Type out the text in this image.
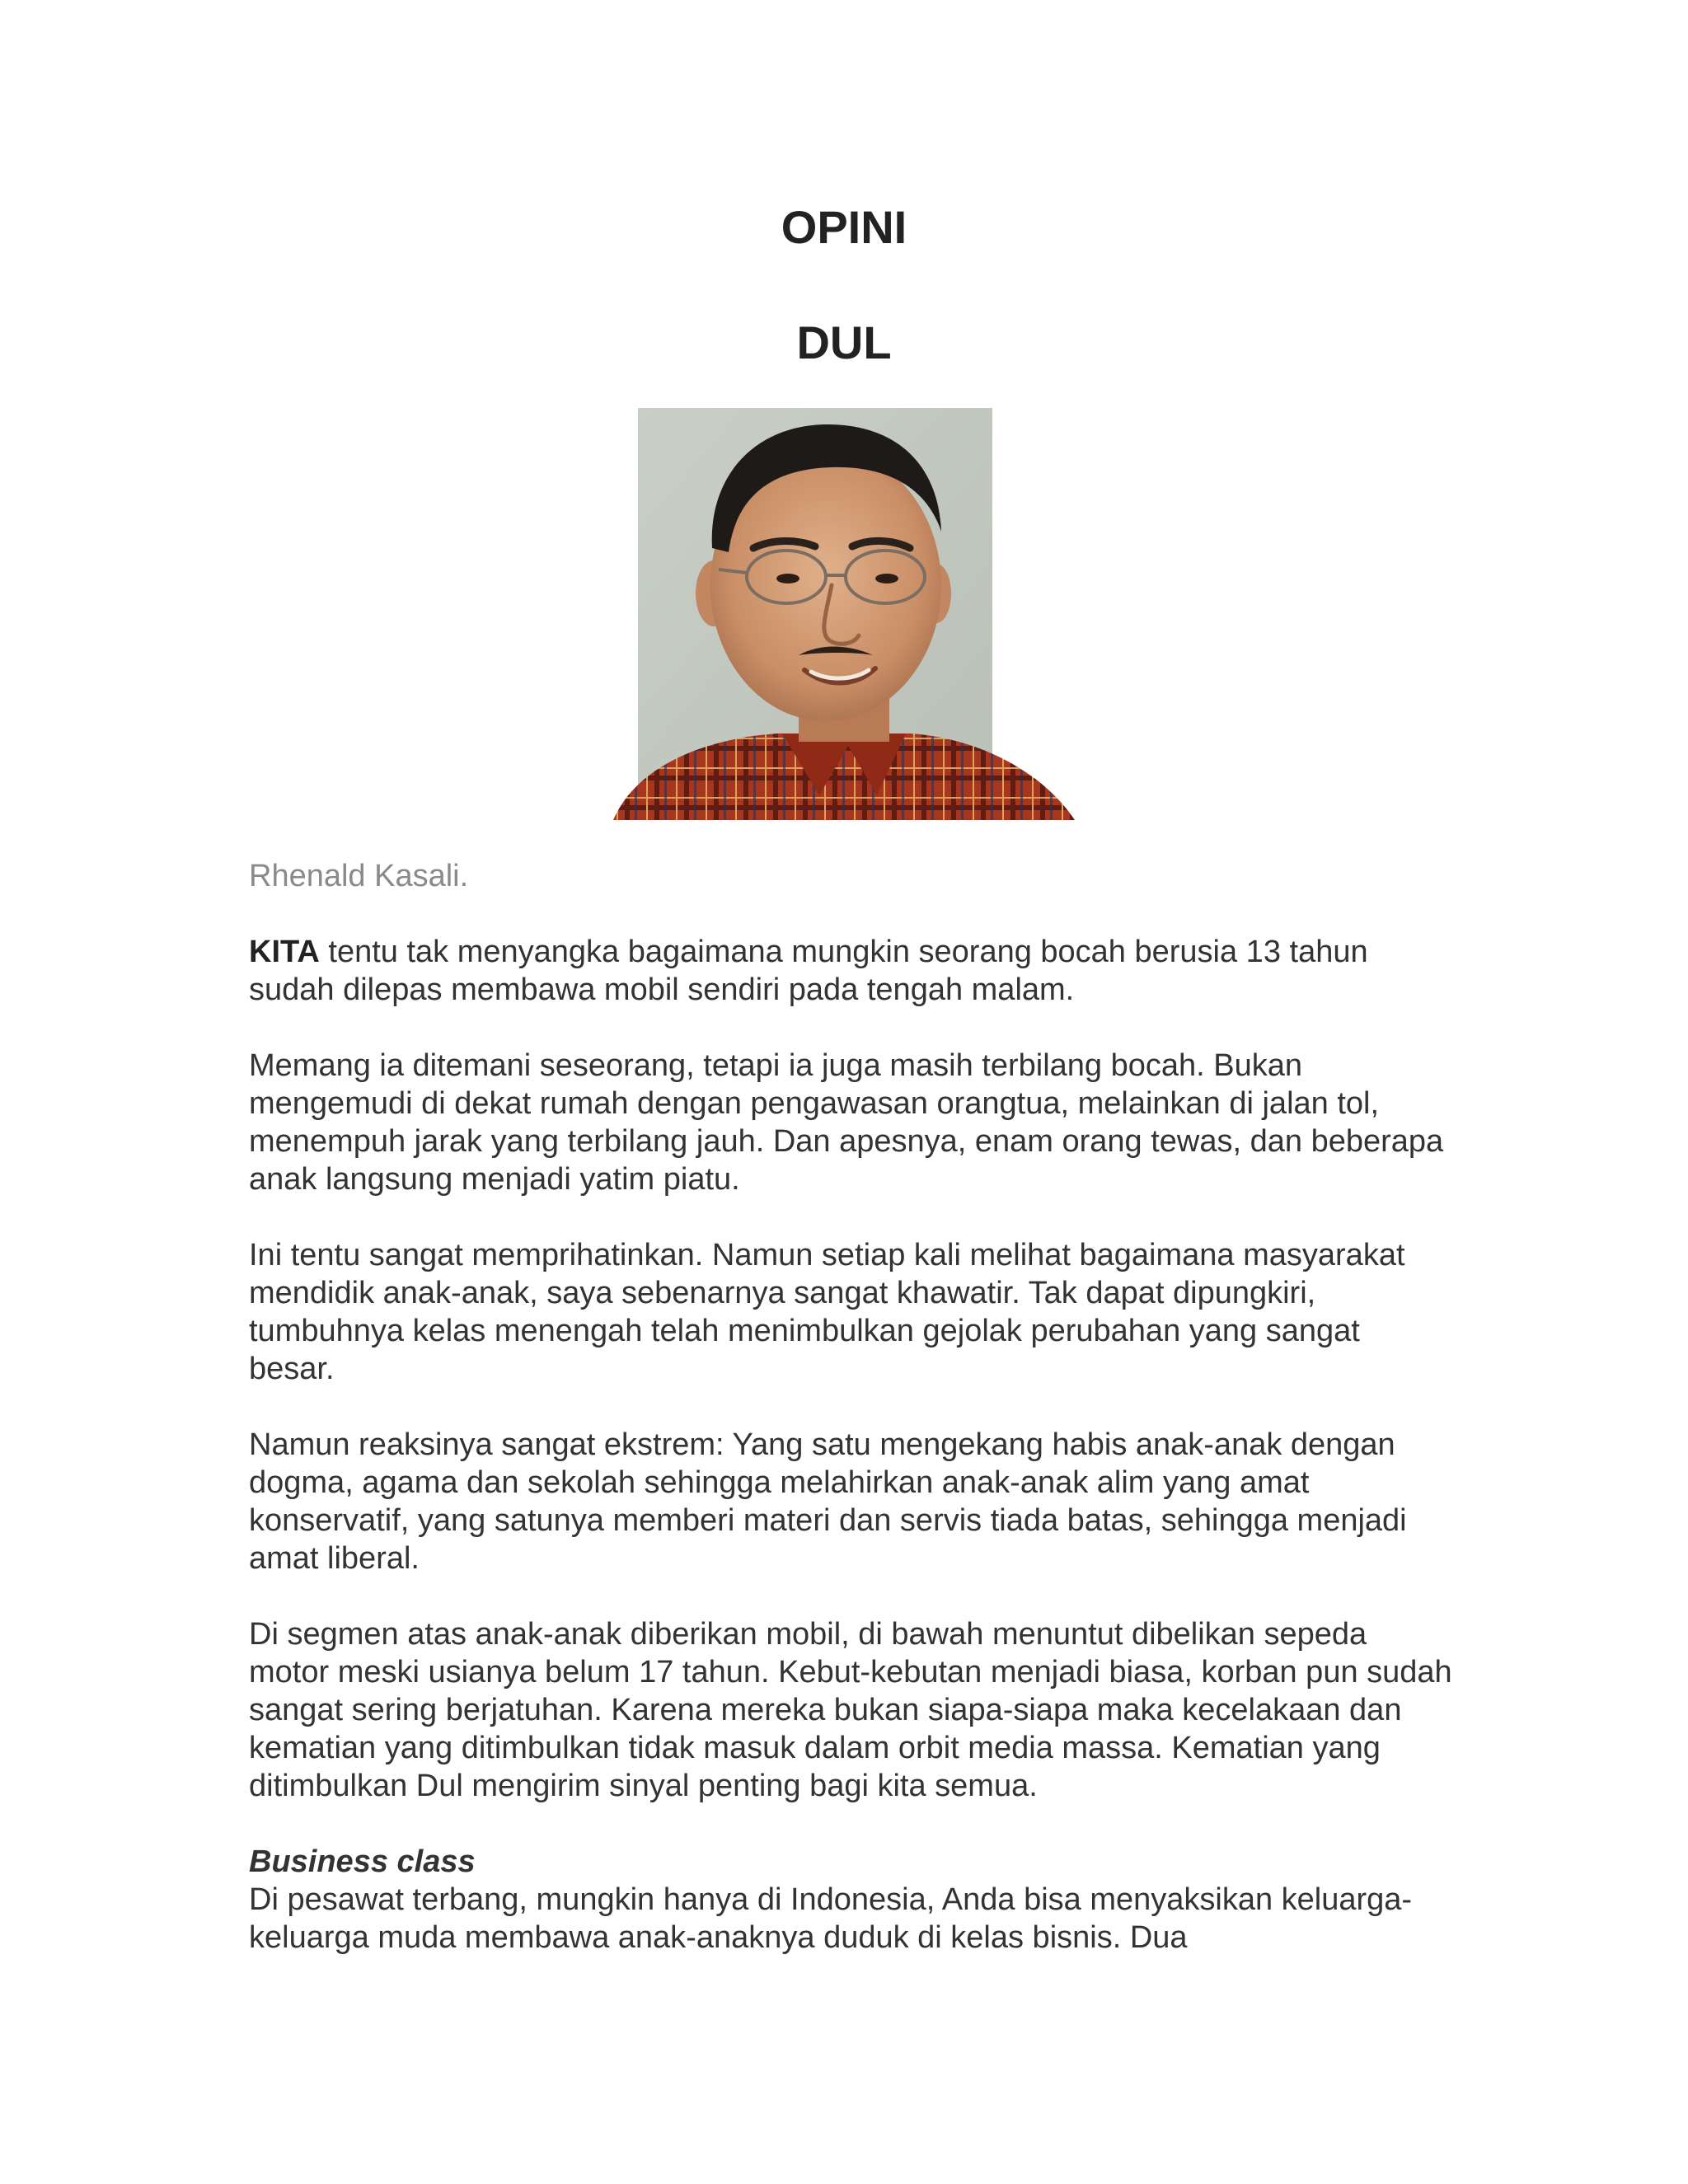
OPINI
DUL

Rhenald Kasali.

KITA tentu tak menyangka bagaimana mungkin seorang bocah berusia 13 tahun sudah dilepas membawa mobil sendiri pada tengah malam.

Memang ia ditemani seseorang, tetapi ia juga masih terbilang bocah. Bukan mengemudi di dekat rumah dengan pengawasan orangtua, melainkan di jalan tol, menempuh jarak yang terbilang jauh. Dan apesnya, enam orang tewas, dan beberapa anak langsung menjadi yatim piatu.

Ini tentu sangat memprihatinkan. Namun setiap kali melihat bagaimana masyarakat mendidik anak-anak, saya sebenarnya sangat khawatir. Tak dapat dipungkiri, tumbuhnya kelas menengah telah menimbulkan gejolak perubahan yang sangat besar.

Namun reaksinya sangat ekstrem: Yang satu mengekang habis anak-anak dengan dogma, agama dan sekolah sehingga melahirkan anak-anak alim yang amat konservatif, yang satunya memberi materi dan servis tiada batas, sehingga menjadi amat liberal.

Di segmen atas anak-anak diberikan mobil, di bawah menuntut dibelikan sepeda motor meski usianya belum 17 tahun. Kebut-kebutan menjadi biasa, korban pun sudah sangat sering berjatuhan. Karena mereka bukan siapa-siapa maka kecelakaan dan kematian yang ditimbulkan tidak masuk dalam orbit media massa. Kematian yang ditimbulkan Dul mengirim sinyal penting bagi kita semua.

Business class

Di pesawat terbang, mungkin hanya di Indonesia, Anda bisa menyaksikan keluarga-keluarga muda membawa anak-anaknya duduk di kelas bisnis. Dua
